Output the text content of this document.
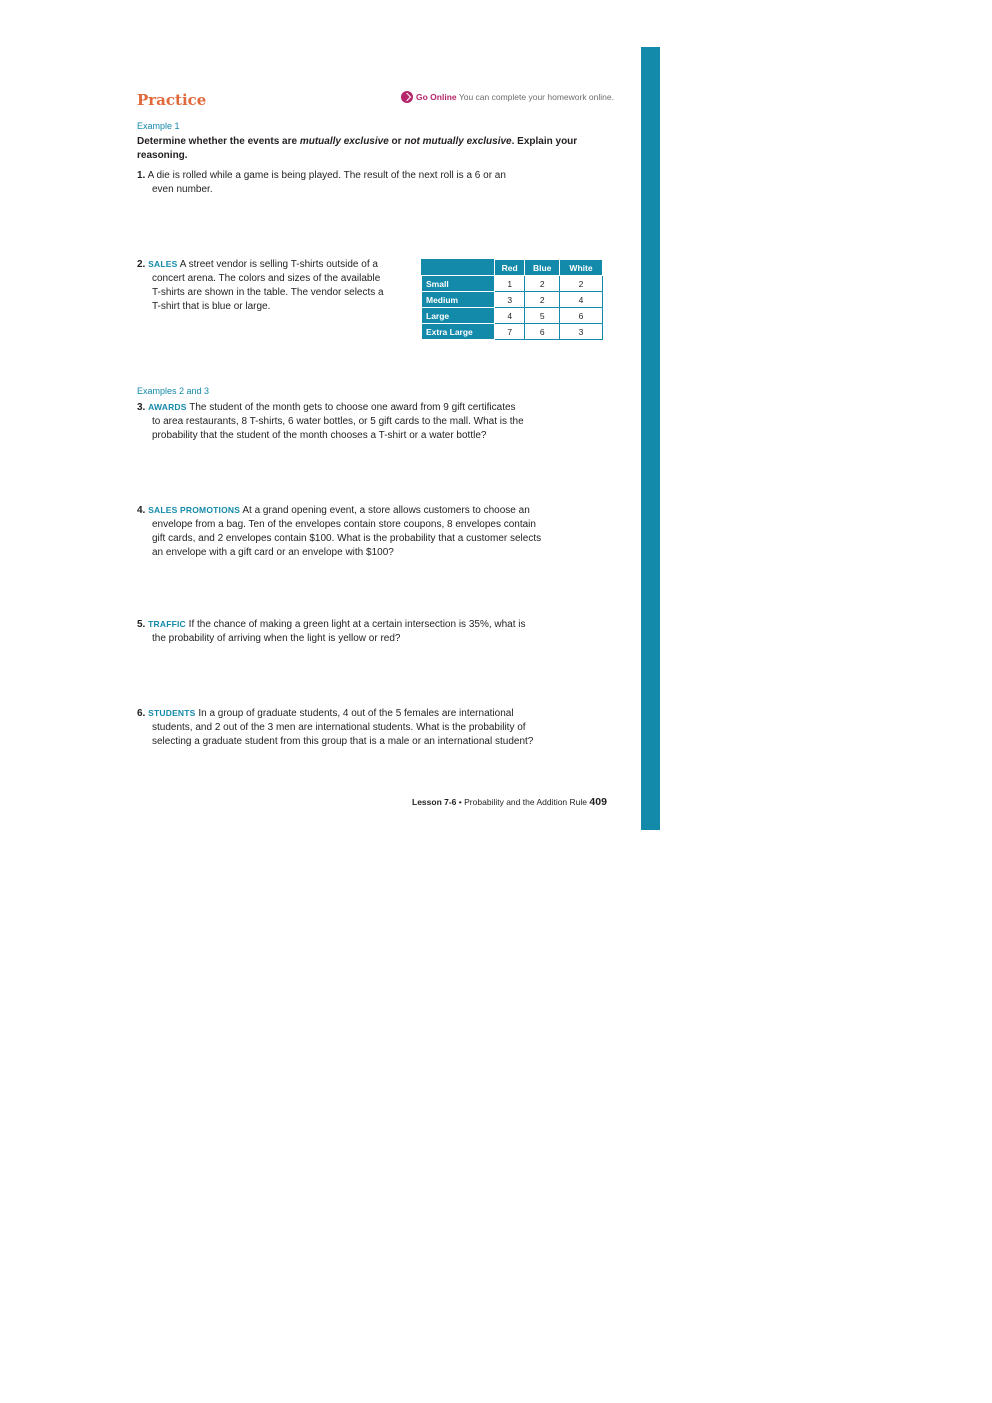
Practice	Go Online You can complete your homework online.
Example 1
Determine whether the events are mutually exclusive or not mutually exclusive. Explain your reasoning.
1. A die is rolled while a game is being played. The result of the next roll is a 6 or an
even number.
2. SALES A street vendor is selling T-shirts outside of a
concert arena. The colors and sizes of the available
T-shirts are shown in the table. The vendor selects a
T-shirt that is blue or large.
	Red	Blue	White
Small	1	2	2
Medium	3	2	4
Large	4	5	6
Extra Large	7	6	3
Examples 2 and 3
3. AWARDS The student of the month gets to choose one award from 9 gift certificates
to area restaurants, 8 T-shirts, 6 water bottles, or 5 gift cards to the mall. What is the
probability that the student of the month chooses a T-shirt or a water bottle?
4. SALES PROMOTIONS At a grand opening event, a store allows customers to choose an
envelope from a bag. Ten of the envelopes contain store coupons, 8 envelopes contain
gift cards, and 2 envelopes contain $100. What is the probability that a customer selects
an envelope with a gift card or an envelope with $100?
5. TRAFFIC If the chance of making a green light at a certain intersection is 35%, what is
the probability of arriving when the light is yellow or red?
6. STUDENTS In a group of graduate students, 4 out of the 5 females are international
students, and 2 out of the 3 men are international students. What is the probability of
selecting a graduate student from this group that is a male or an international student?
Lesson 7-6 • Probability and the Addition Rule 409
